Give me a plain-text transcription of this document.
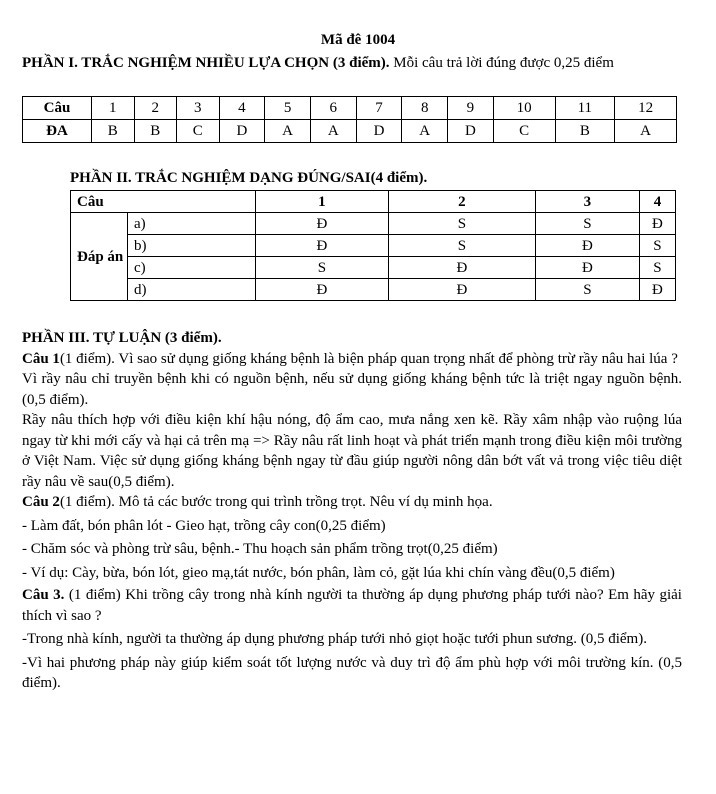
Mã đê 1004
PHẦN I. TRẮC NGHIỆM NHIỀU LỰA CHỌN (3 điểm). Mỗi câu trả lời đúng được 0,25 điểm
Câu	1	2	3	4	5	6	7	8	9	10	11	12
ĐA	B	B	C	D	A	A	D	A	D	C	B	A
PHẦN II. TRẮC NGHIỆM DẠNG ĐÚNG/SAI(4 điểm).
Câu		1	2	3	4
Đáp án	a)	Đ	S	S	Đ
	b)	Đ	S	Đ	S
	c)	S	Đ	Đ	S
	d)	Đ	Đ	S	Đ

PHẦN III. TỰ LUẬN (3 điểm).

Câu 1(1 điểm). Vì sao sử dụng giống kháng bệnh là biện pháp quan trọng nhất để phòng trừ rầy nâu hai lúa ?

Vì rầy nâu chỉ truyền bệnh khi có nguồn bệnh, nếu sử dụng giống kháng bệnh tức là triệt ngay nguồn bệnh. (0,5 điểm).

Rầy nâu thích hợp với điều kiện khí hậu nóng, độ ẩm cao, mưa nắng xen kẽ. Rầy xâm nhập vào ruộng lúa ngay từ khi mới cấy và hại cả trên mạ => Rầy nâu rất linh hoạt và phát triển mạnh trong điều kiện môi trường ở Việt Nam. Việc sử dụng giống kháng bệnh ngay từ đầu giúp người nông dân bớt vất vả trong việc tiêu diệt rầy nâu về sau(0,5 điểm).

Câu 2(1 điểm). Mô tả các bước trong qui trình trồng trọt. Nêu ví dụ minh họa.

- Làm đất, bón phân lót - Gieo hạt, trồng cây con(0,25 điểm)

- Chăm sóc và phòng trừ sâu, bệnh.- Thu hoạch sản phẩm trồng trọt(0,25 điểm)

- Ví dụ: Cày, bừa, bón lót, gieo mạ,tát nước, bón phân, làm cỏ, gặt lúa khi chín vàng đều(0,5 điểm)

Câu 3. (1 điểm) Khi trồng cây trong nhà kính người ta thường áp dụng phương pháp tưới nào? Em hãy giải thích vì sao ?

-Trong nhà kính, người ta thường áp dụng phương pháp tưới nhỏ giọt hoặc tưới phun sương. (0,5 điểm).

-Vì hai phương pháp này giúp kiểm soát tốt lượng nước và duy trì độ ẩm phù hợp với môi trường kín. (0,5 điểm).
